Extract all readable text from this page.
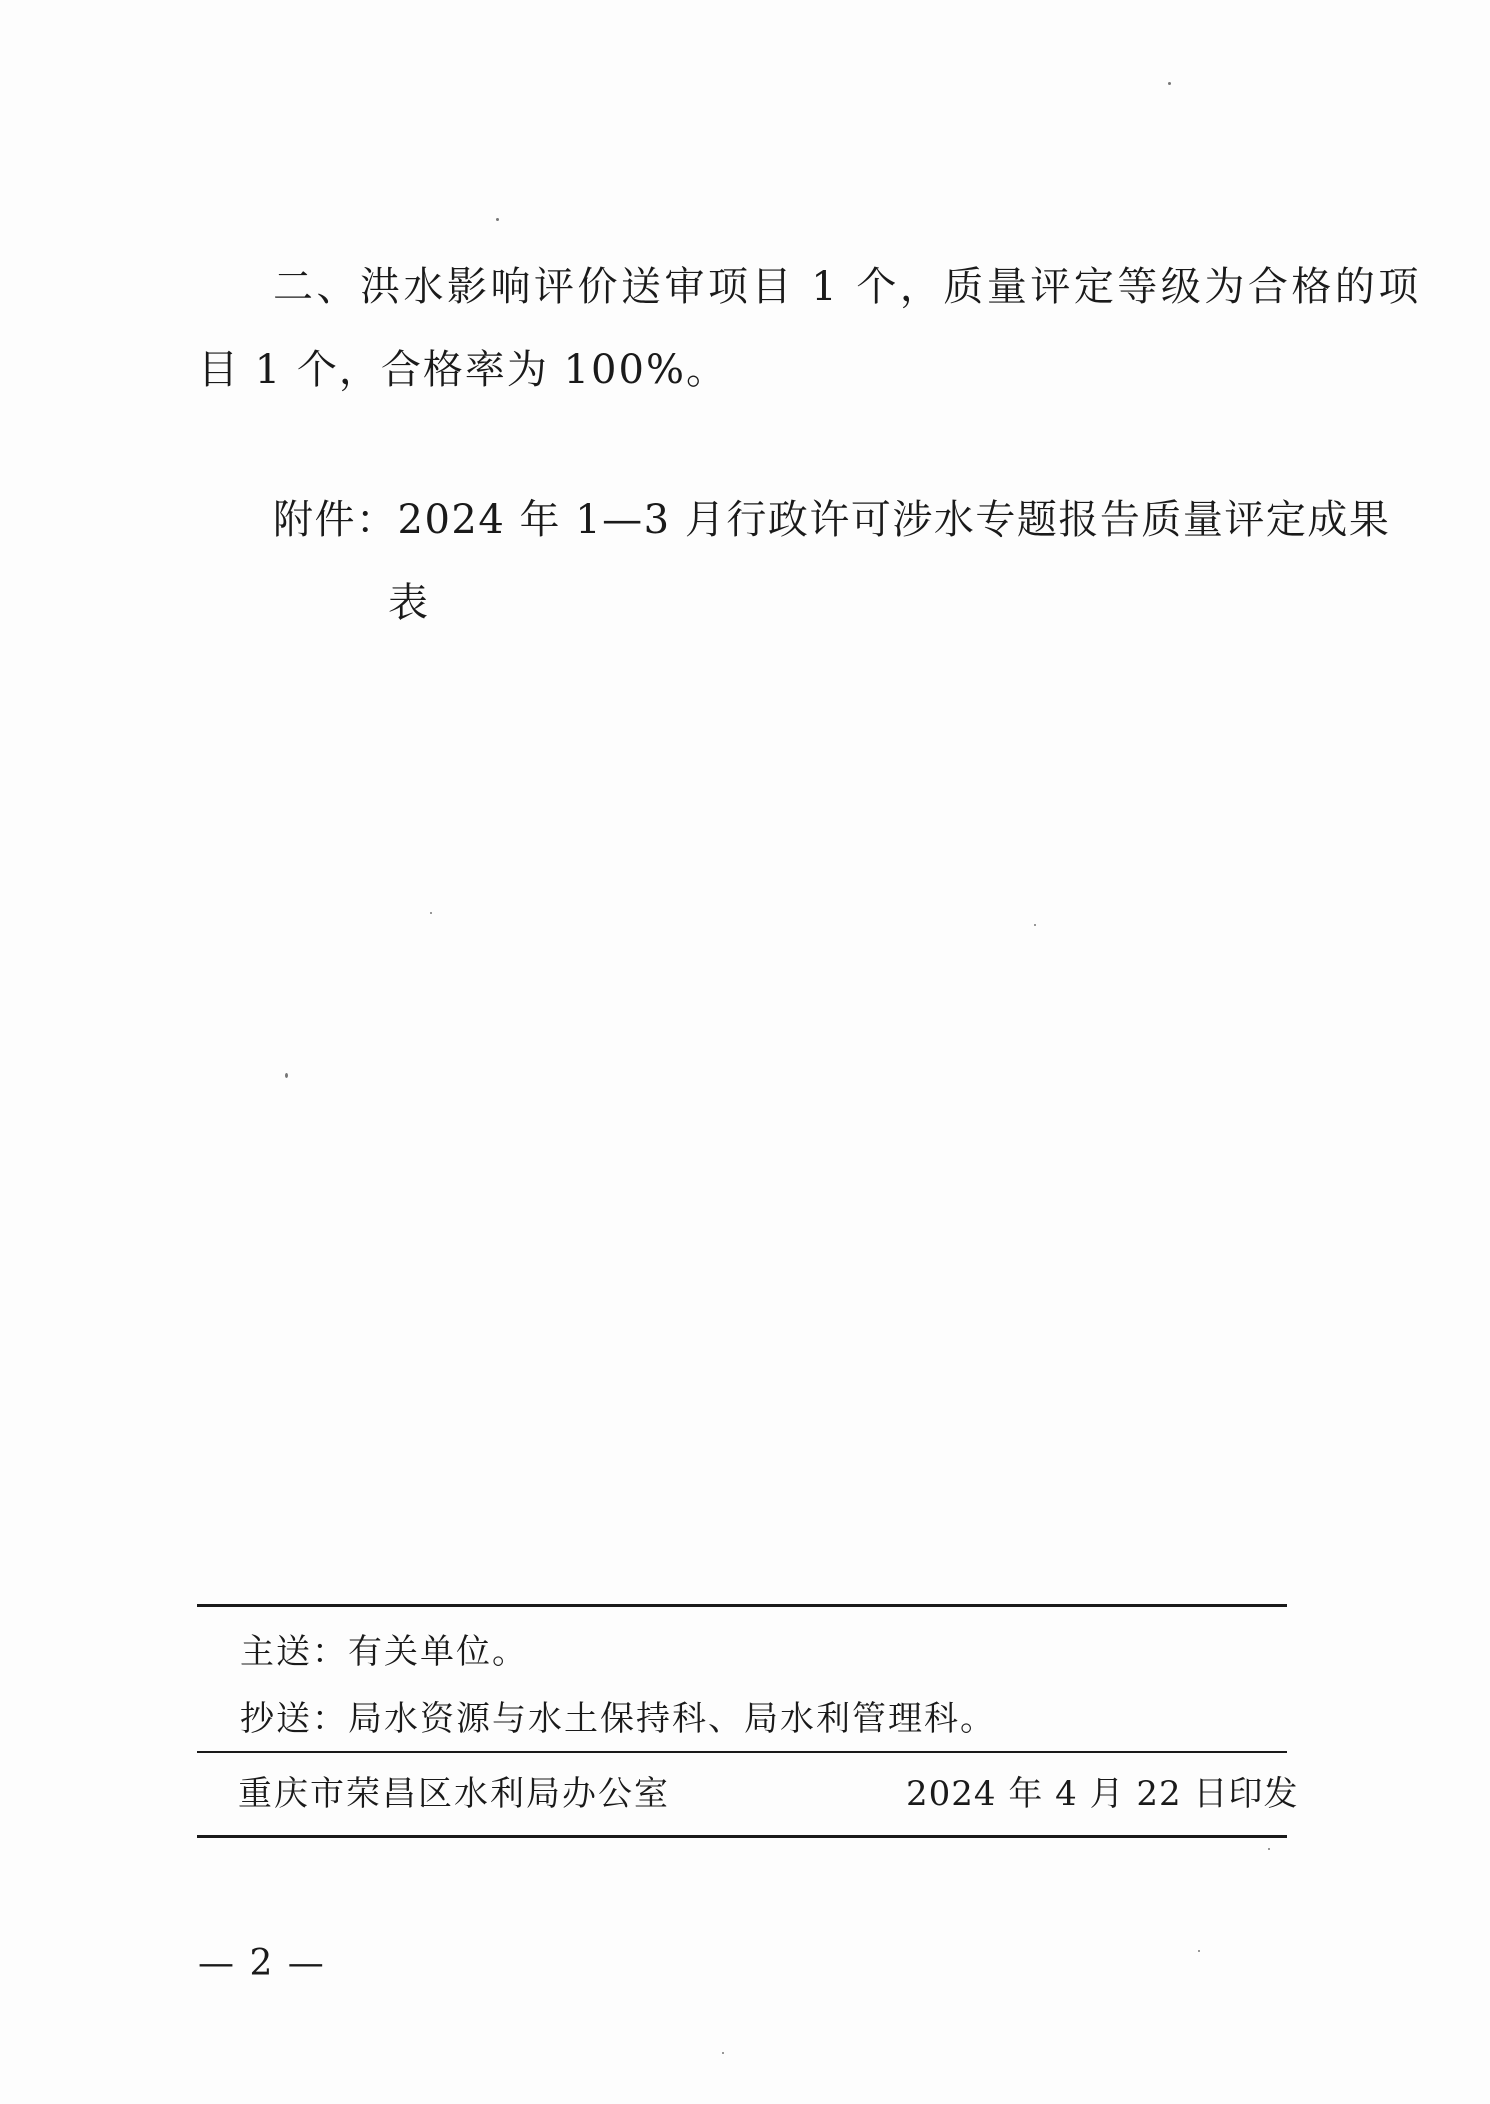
二、洪水影响评价送审项目 1 个，质量评定等级为合格的项
目 1 个，合格率为 100%。
附件：2024 年 1—3 月行政许可涉水专题报告质量评定成果
表
主送：有关单位。
抄送：局水资源与水土保持科、局水利管理科。
重庆市荣昌区水利局办公室	2024 年 4 月 22 日印发
— 2 —
